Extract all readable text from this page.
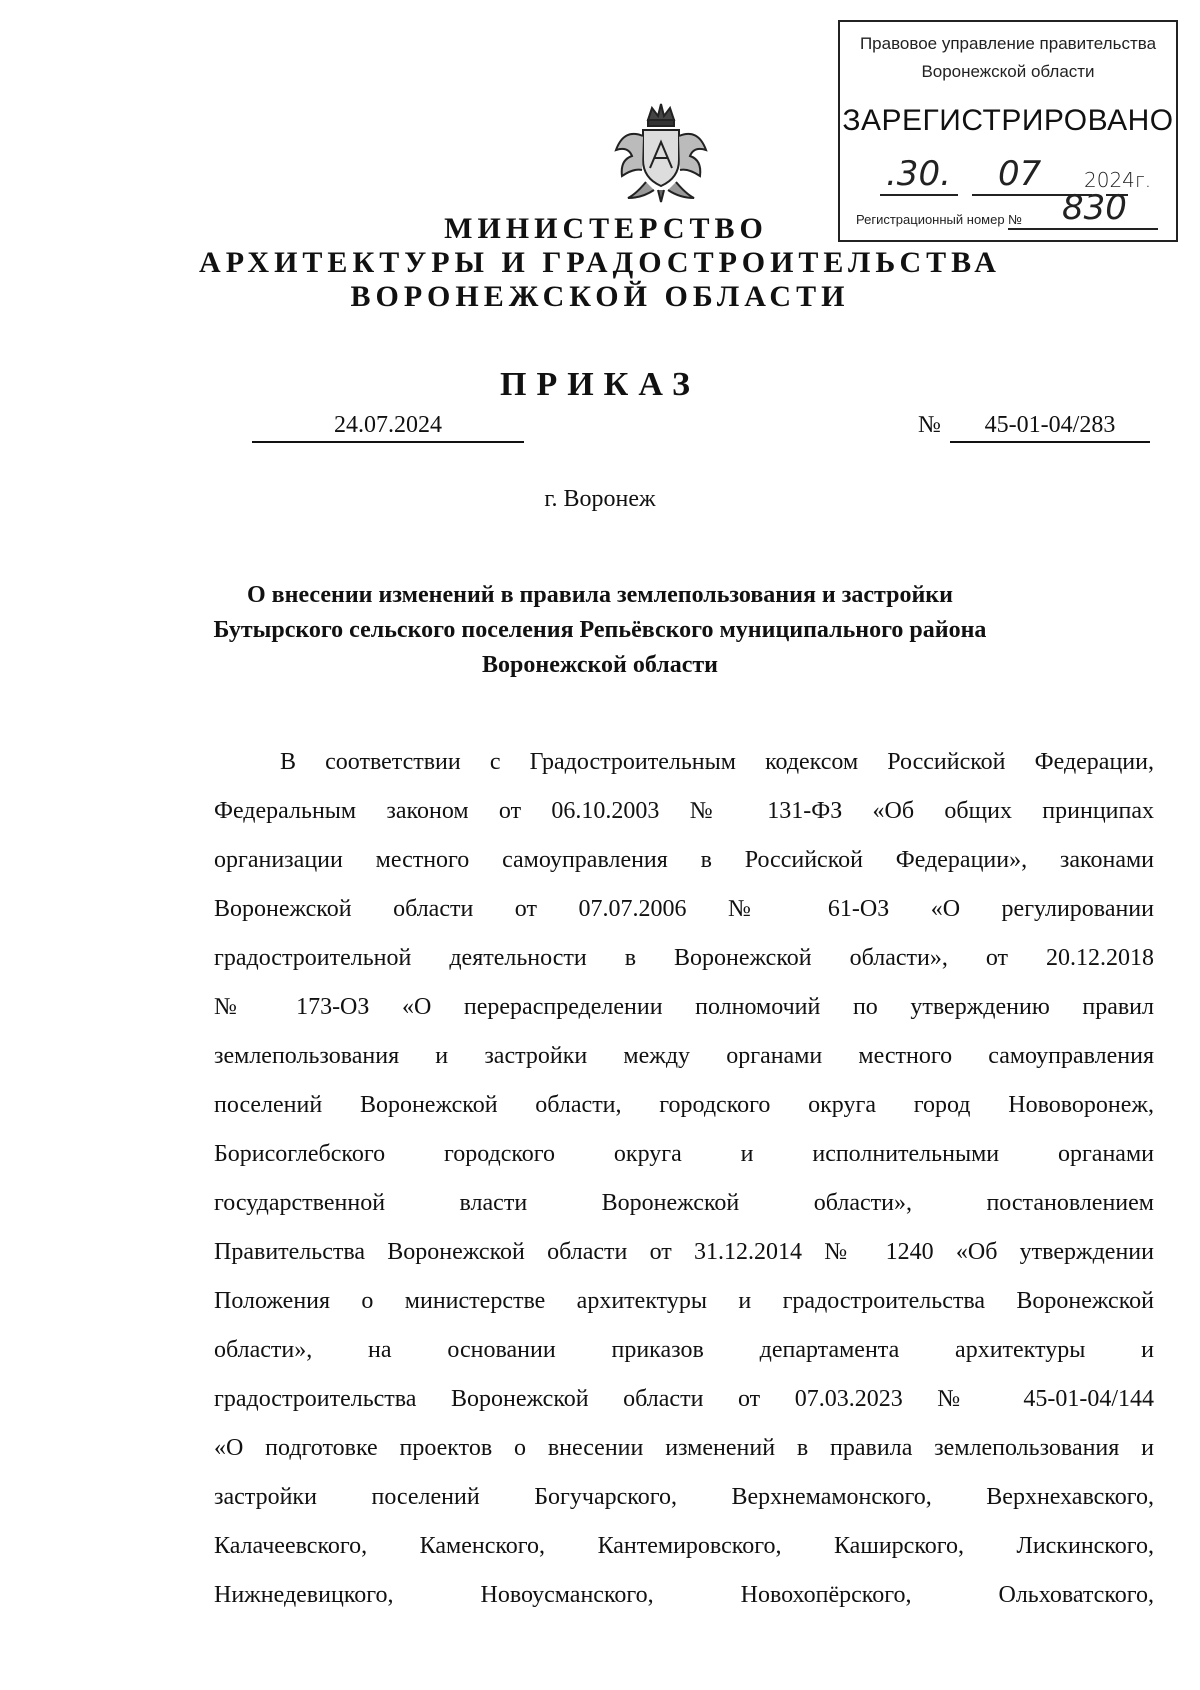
Правовое управление правительства
Воронежской области
ЗАРЕГИСТРИРОВАНО
.30. 07 2024г.
Регистрационный номер № 830
МИНИСТЕРСТВО
АРХИТЕКТУРЫ И ГРАДОСТРОИТЕЛЬСТВА
ВОРОНЕЖСКОЙ ОБЛАСТИ
ПРИКАЗ
24.07.2024	№	45-01-04/283
г. Воронеж
О внесении изменений в правила землепользования и застройки
Бутырского сельского поселения Репьёвского муниципального района
Воронежской области
В соответствии с Градостроительным кодексом Российской Федерации,
Федеральным законом от 06.10.2003 № 131-ФЗ «Об общих принципах
организации местного самоуправления в Российской Федерации», законами
Воронежской области от 07.07.2006 № 61-ОЗ «О регулировании
градостроительной деятельности в Воронежской области», от 20.12.2018
№ 173-ОЗ «О перераспределении полномочий по утверждению правил
землепользования и застройки между органами местного самоуправления
поселений Воронежской области, городского округа город Нововоронеж,
Борисоглебского городского округа и исполнительными органами
государственной власти Воронежской области», постановлением
Правительства Воронежской области от 31.12.2014 № 1240 «Об утверждении
Положения о министерстве архитектуры и градостроительства Воронежской
области», на основании приказов департамента архитектуры и
градостроительства Воронежской области от 07.03.2023 № 45-01-04/144
«О подготовке проектов о внесении изменений в правила землепользования и
застройки поселений Богучарского, Верхнемамонского, Верхнехавского,
Калачеевского, Каменского, Кантемировского, Каширского, Лискинского,
Нижнедевицкого, Новоусманского, Новохопёрского, Ольховатского,
